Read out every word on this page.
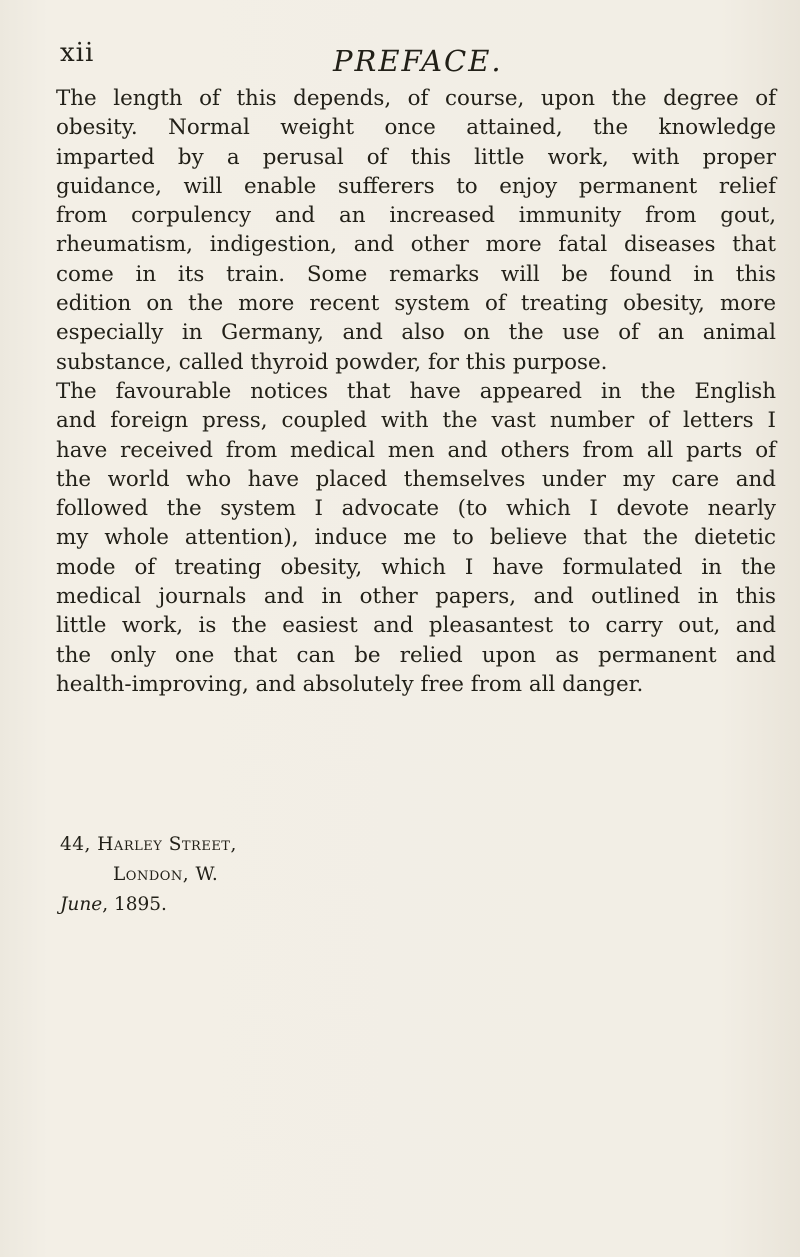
xii	PREFACE.
The length of this depends, of course, upon the degree of
obesity. Normal weight once attained, the knowledge
imparted by a perusal of this little work, with proper
guidance, will enable sufferers to enjoy permanent relief
from corpulency and an increased immunity from gout,
rheumatism, indigestion, and other more fatal diseases that
come in its train. Some remarks will be found in this
edition on the more recent system of treating obesity, more
especially in Germany, and also on the use of an animal
substance, called thyroid powder, for this purpose.
The favourable notices that have appeared in the English
and foreign press, coupled with the vast number of letters I
have received from medical men and others from all parts of
the world who have placed themselves under my care and
followed the system I advocate (to which I devote nearly
my whole attention), induce me to believe that the dietetic
mode of treating obesity, which I have formulated in the
medical journals and in other papers, and outlined in this
little work, is the easiest and pleasantest to carry out, and
the only one that can be relied upon as permanent and
health-improving, and absolutely free from all danger.
44, Harley Street,
London, W.
June, 1895.
